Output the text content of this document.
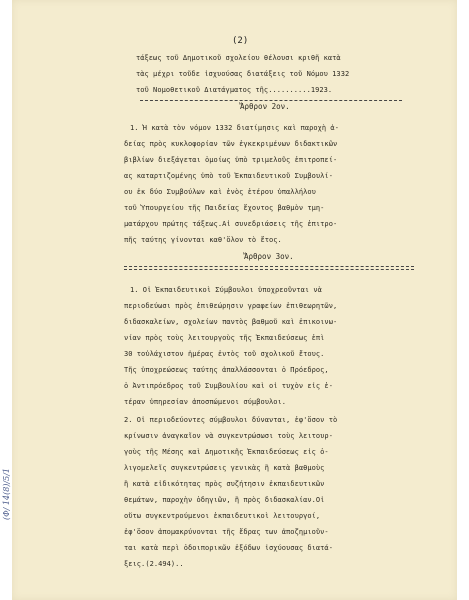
(2)
τάξεως τοῦ Δημοτικοῦ σχολείου θέλουσι κριθῆ κατὰ
τὰς μέχρι τοῦδε ἰσχυούσας διατάξεις τοῦ Νόμου 1332
τοῦ Νομοθετικοῦ Διατάγματος τῆς..........1923.
Ἄρθρον 2ον.
1. Ἡ κατὰ τὸν νόμον 1332 διατίμησις καὶ παροχὴ ἀ-
δείας πρὸς κυκλοφορίαν τῶν ἐγκεκριμένων διδακτικῶν
βιβλίων διεξάγεται ὁμοίως ὑπὸ τριμελοῦς ἐπιτροπεί-
ας καταρτιζομένης ὑπὸ τοῦ Ἐκπαιδευτικοῦ Συμβουλί-
ου ἐκ δύο Συμβούλων καὶ ἑνὸς ἑτέρου ὑπαλλήλου
τοῦ Ὑπουργείου τῆς Παιδείας ἔχοντος βαθμὸν τμη-
ματάρχου πρώτης τάξεως.Αἱ συνεδριάσεις τῆς ἐπιτρο-
πῆς ταύτης γίνονται καθ'ὅλον τὸ ἔτος.
Ἄρθρον 3ον.
1. Οἱ Ἐκπαιδευτικοὶ Σύμβουλοι ὑποχρεοῦνται νὰ
περιοδεύωσι πρὸς ἐπιθεώρησιν γραφείων ἐπιθεωρητῶν,
διδασκαλείων, σχολείων παντὸς βαθμοῦ καὶ ἐπικοινω-
νίαν πρὸς τοὺς λειτουργοὺς τῆς Ἐκπαιδεύσεως ἐπὶ
30 τοὐλάχιστον ἡμέρας ἐντὸς τοῦ σχολικοῦ ἔτους.
Τῆς ὑποχρεώσεως ταύτης ἀπαλλάσσονται ὁ Πρόεδρος,
ὁ Ἀντιπρόεδρος τοῦ Συμβουλίου καὶ οἱ τυχὸν εἰς ἑ-
τέραν ὑπηρεσίαν ἀποσπώμενοι σύμβουλοι.
2. Οἱ περιοδεύοντες σύμβουλοι δύνανται, ἐφ'ὅσον τὸ
κρίνωσιν ἀναγκαῖον νὰ συγκεντρώσωσι τοὺς λειτουρ-
γοὺς τῆς Μέσης καὶ Δημοτικῆς Ἐκπαιδεύσεως εἰς ὀ-
λιγομελεῖς συγκεντρώσεις γενικὰς ἢ κατὰ βαθμοὺς
ἢ κατὰ εἰδικότητας πρὸς συζήτησιν ἐκπαιδευτικῶν
θεμάτων, παροχὴν ὁδηγιῶν, ἢ πρὸς διδασκαλίαν.Οἱ
οὕτω συγκεντρούμενοι ἐκπαιδευτικοὶ λειτουργοί,
ἐφ'ὅσον ἀπομακρύνονται τῆς ἕδρας των ἀποζημιοῦν-
ται κατὰ περὶ ὁδοιπορικῶν ἐξόδων ἰσχύουσας διατά-
ξεις.(2.494)..
(Φ/ 14(8)/5/1
